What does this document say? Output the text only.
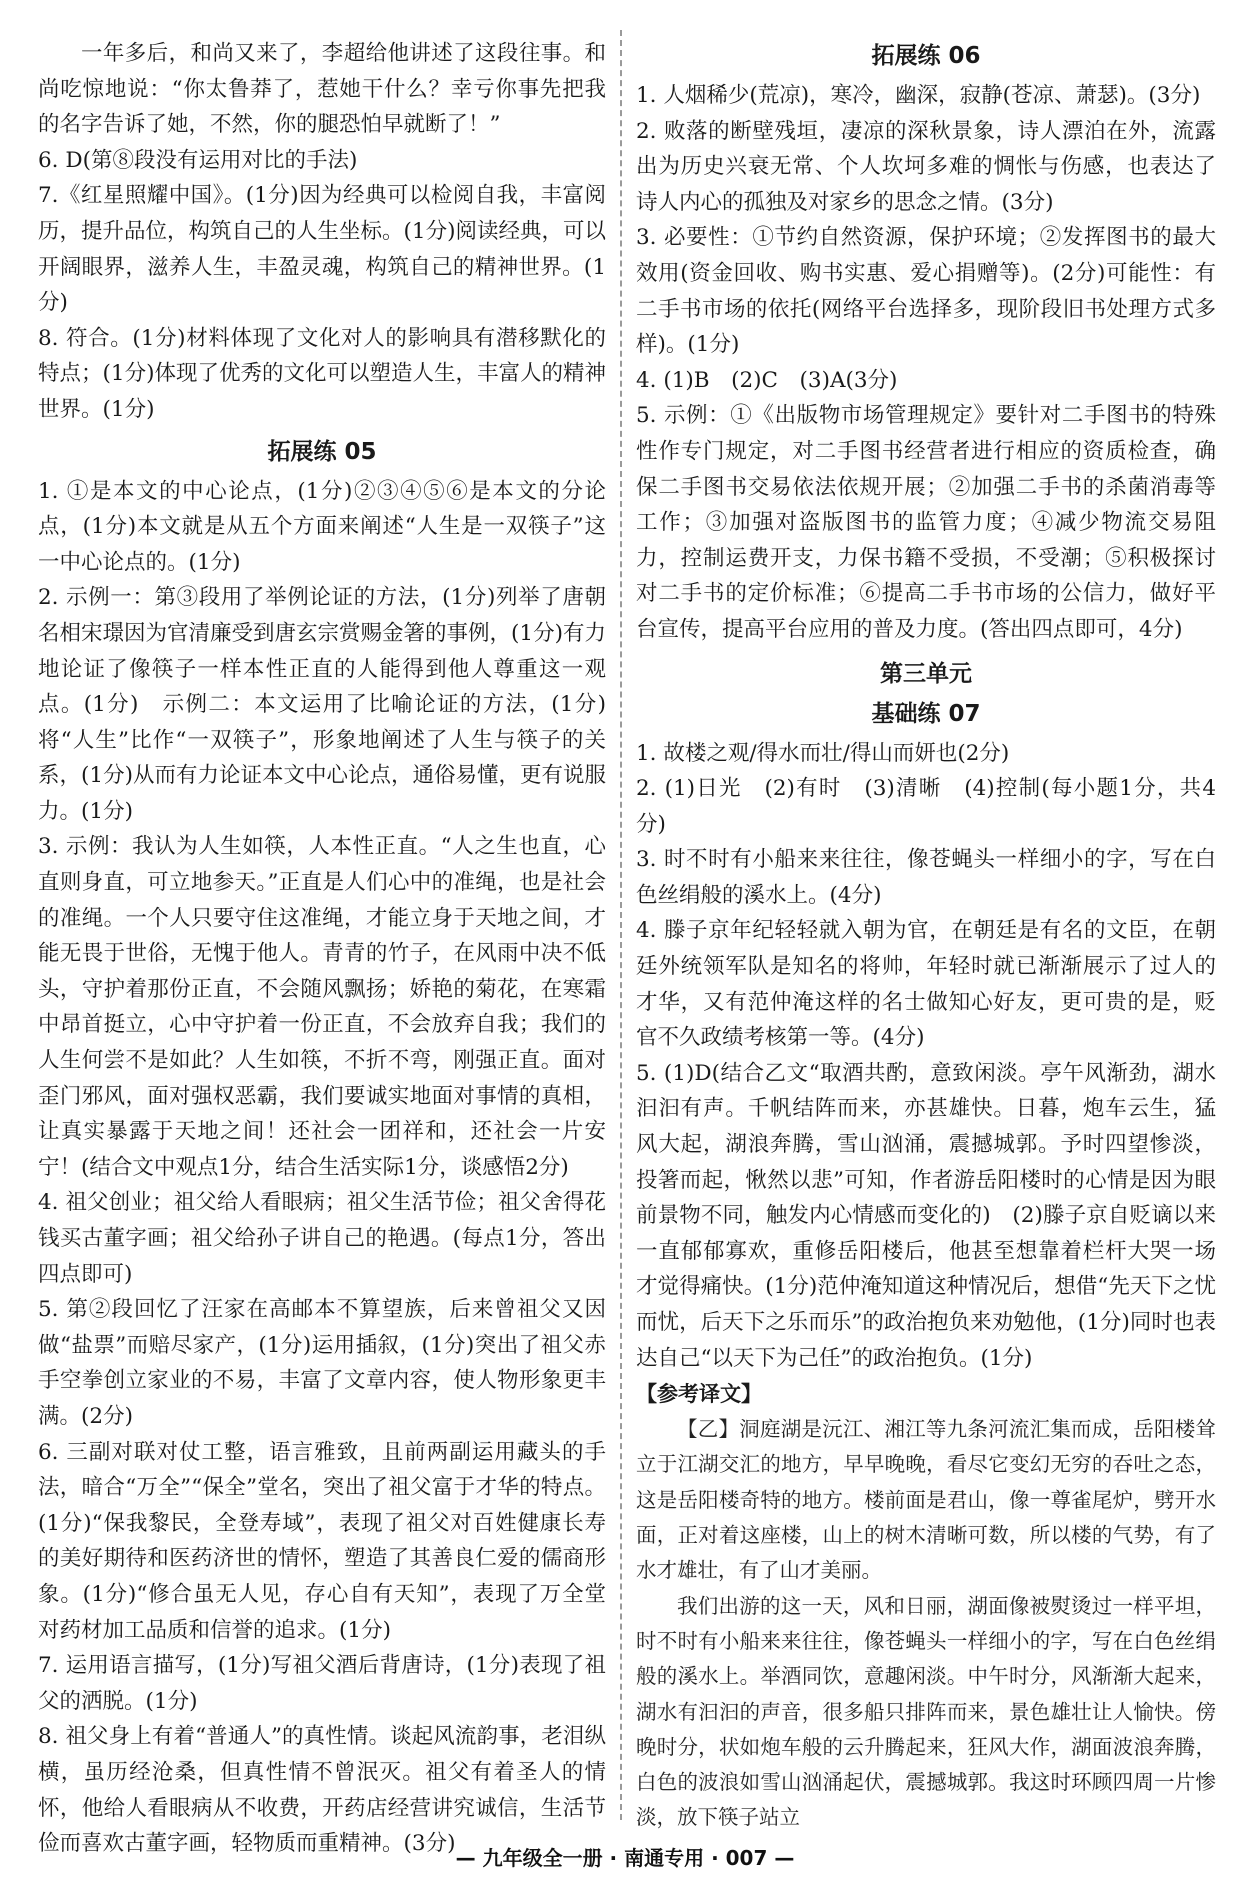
一年多后，和尚又来了，李超给他讲述了这段往事。和尚吃惊地说：“你太鲁莽了，惹她干什么？幸亏你事先把我的名字告诉了她，不然，你的腿恐怕早就断了！”

6. D(第⑧段没有运用对比的手法)

7.《红星照耀中国》。(1分)因为经典可以检阅自我，丰富阅历，提升品位，构筑自己的人生坐标。(1分)阅读经典，可以开阔眼界，滋养人生，丰盈灵魂，构筑自己的精神世界。(1分)

8. 符合。(1分)材料体现了文化对人的影响具有潜移默化的特点；(1分)体现了优秀的文化可以塑造人生，丰富人的精神世界。(1分)

拓展练 05

1. ①是本文的中心论点，(1分)②③④⑤⑥是本文的分论点，(1分)本文就是从五个方面来阐述“人生是一双筷子”这一中心论点的。(1分)

2. 示例一：第③段用了举例论证的方法，(1分)列举了唐朝名相宋璟因为官清廉受到唐玄宗赏赐金箸的事例，(1分)有力地论证了像筷子一样本性正直的人能得到他人尊重这一观点。(1分)　示例二：本文运用了比喻论证的方法，(1分)将“人生”比作“一双筷子”，形象地阐述了人生与筷子的关系，(1分)从而有力论证本文中心论点，通俗易懂，更有说服力。(1分)

3. 示例：我认为人生如筷，人本性正直。“人之生也直，心直则身直，可立地参天。”正直是人们心中的准绳，也是社会的准绳。一个人只要守住这准绳，才能立身于天地之间，才能无畏于世俗，无愧于他人。青青的竹子，在风雨中决不低头，守护着那份正直，不会随风飘扬；娇艳的菊花，在寒霜中昂首挺立，心中守护着一份正直，不会放弃自我；我们的人生何尝不是如此？人生如筷，不折不弯，刚强正直。面对歪门邪风，面对强权恶霸，我们要诚实地面对事情的真相，让真实暴露于天地之间！还社会一团祥和，还社会一片安宁！(结合文中观点1分，结合生活实际1分，谈感悟2分)

4. 祖父创业；祖父给人看眼病；祖父生活节俭；祖父舍得花钱买古董字画；祖父给孙子讲自己的艳遇。(每点1分，答出四点即可)

5. 第②段回忆了汪家在高邮本不算望族，后来曾祖父又因做“盐票”而赔尽家产，(1分)运用插叙，(1分)突出了祖父赤手空拳创立家业的不易，丰富了文章内容，使人物形象更丰满。(2分)

6. 三副对联对仗工整，语言雅致，且前两副运用藏头的手法，暗合“万全”“保全”堂名，突出了祖父富于才华的特点。(1分)“保我黎民，全登寿域”，表现了祖父对百姓健康长寿的美好期待和医药济世的情怀，塑造了其善良仁爱的儒商形象。(1分)“修合虽无人见，存心自有天知”，表现了万全堂对药材加工品质和信誉的追求。(1分)

7. 运用语言描写，(1分)写祖父酒后背唐诗，(1分)表现了祖父的洒脱。(1分)

8. 祖父身上有着“普通人”的真性情。谈起风流韵事，老泪纵横，虽历经沧桑，但真性情不曾泯灭。祖父有着圣人的情怀，他给人看眼病从不收费，开药店经营讲究诚信，生活节俭而喜欢古董字画，轻物质而重精神。(3分)

拓展练 06

1. 人烟稀少(荒凉)，寒冷，幽深，寂静(苍凉、萧瑟)。(3分)

2. 败落的断壁残垣，凄凉的深秋景象，诗人漂泊在外，流露出为历史兴衰无常、个人坎坷多难的惆怅与伤感，也表达了诗人内心的孤独及对家乡的思念之情。(3分)

3. 必要性：①节约自然资源，保护环境；②发挥图书的最大效用(资金回收、购书实惠、爱心捐赠等)。(2分)可能性：有二手书市场的依托(网络平台选择多，现阶段旧书处理方式多样)。(1分)

4. (1)B　(2)C　(3)A(3分)

5. 示例：①《出版物市场管理规定》要针对二手图书的特殊性作专门规定，对二手图书经营者进行相应的资质检查，确保二手图书交易依法依规开展；②加强二手书的杀菌消毒等工作；③加强对盗版图书的监管力度；④减少物流交易阻力，控制运费开支，力保书籍不受损，不受潮；⑤积极探讨对二手书的定价标准；⑥提高二手书市场的公信力，做好平台宣传，提高平台应用的普及力度。(答出四点即可，4分)

第三单元
基础练 07

1. 故楼之观/得水而壮/得山而妍也(2分)

2. (1)日光　(2)有时　(3)清晰　(4)控制(每小题1分，共4分)

3. 时不时有小船来来往往，像苍蝇头一样细小的字，写在白色丝绢般的溪水上。(4分)

4. 滕子京年纪轻轻就入朝为官，在朝廷是有名的文臣，在朝廷外统领军队是知名的将帅，年轻时就已渐渐展示了过人的才华，又有范仲淹这样的名士做知心好友，更可贵的是，贬官不久政绩考核第一等。(4分)

5. (1)D(结合乙文“取酒共酌，意致闲淡。亭午风渐劲，湖水汩汩有声。千帆结阵而来，亦甚雄快。日暮，炮车云生，猛风大起，湖浪奔腾，雪山汹涌，震撼城郭。予时四望惨淡，投箸而起，愀然以悲”可知，作者游岳阳楼时的心情是因为眼前景物不同，触发内心情感而变化的)　(2)滕子京自贬谪以来一直郁郁寡欢，重修岳阳楼后，他甚至想靠着栏杆大哭一场才觉得痛快。(1分)范仲淹知道这种情况后，想借“先天下之忧而忧，后天下之乐而乐”的政治抱负来劝勉他，(1分)同时也表达自己“以天下为己任”的政治抱负。(1分)

【参考译文】

【乙】洞庭湖是沅江、湘江等九条河流汇集而成，岳阳楼耸立于江湖交汇的地方，早早晚晚，看尽它变幻无穷的吞吐之态，这是岳阳楼奇特的地方。楼前面是君山，像一尊雀尾炉，劈开水面，正对着这座楼，山上的树木清晰可数，所以楼的气势，有了水才雄壮，有了山才美丽。

我们出游的这一天，风和日丽，湖面像被熨烫过一样平坦，时不时有小船来来往往，像苍蝇头一样细小的字，写在白色丝绢般的溪水上。举酒同饮，意趣闲淡。中午时分，风渐渐大起来，湖水有汩汩的声音，很多船只排阵而来，景色雄壮让人愉快。傍晚时分，状如炮车般的云升腾起来，狂风大作，湖面波浪奔腾，白色的波浪如雪山汹涌起伏，震撼城郭。我这时环顾四周一片惨淡，放下筷子站立

— 九年级全一册 · 南通专用 · 007 —
